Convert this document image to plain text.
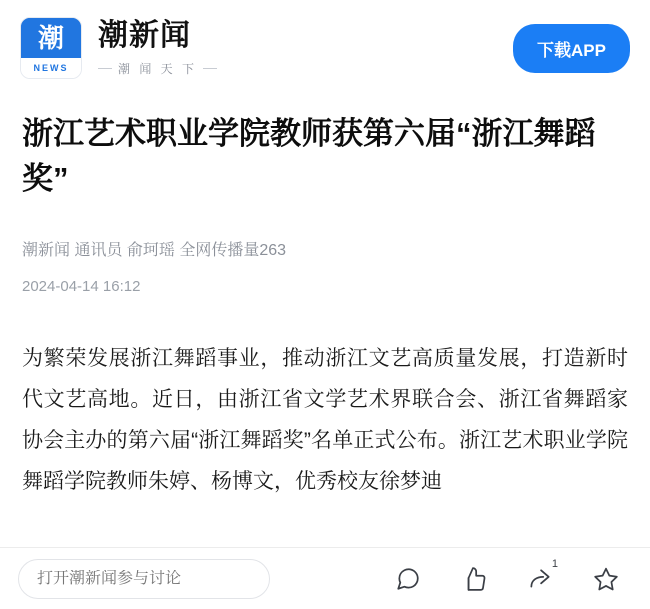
潮
NEWS
潮新闻
潮 闻 天 下
下载APP
浙江艺术职业学院教师获第六届“浙江舞蹈奖”
潮新闻 通讯员 俞珂瑶 全网传播量263
2024-04-14 16:12

为繁荣发展浙江舞蹈事业，推动浙江文艺高质量发展，打造新时代文艺高地。近日，由浙江省文学艺术界联合会、浙江省舞蹈家协会主办的第六届“浙江舞蹈奖”名单正式公布。浙江艺术职业学院舞蹈学院教师朱婷、杨博文，优秀校友徐梦迪

打开潮新闻参与讨论
1
